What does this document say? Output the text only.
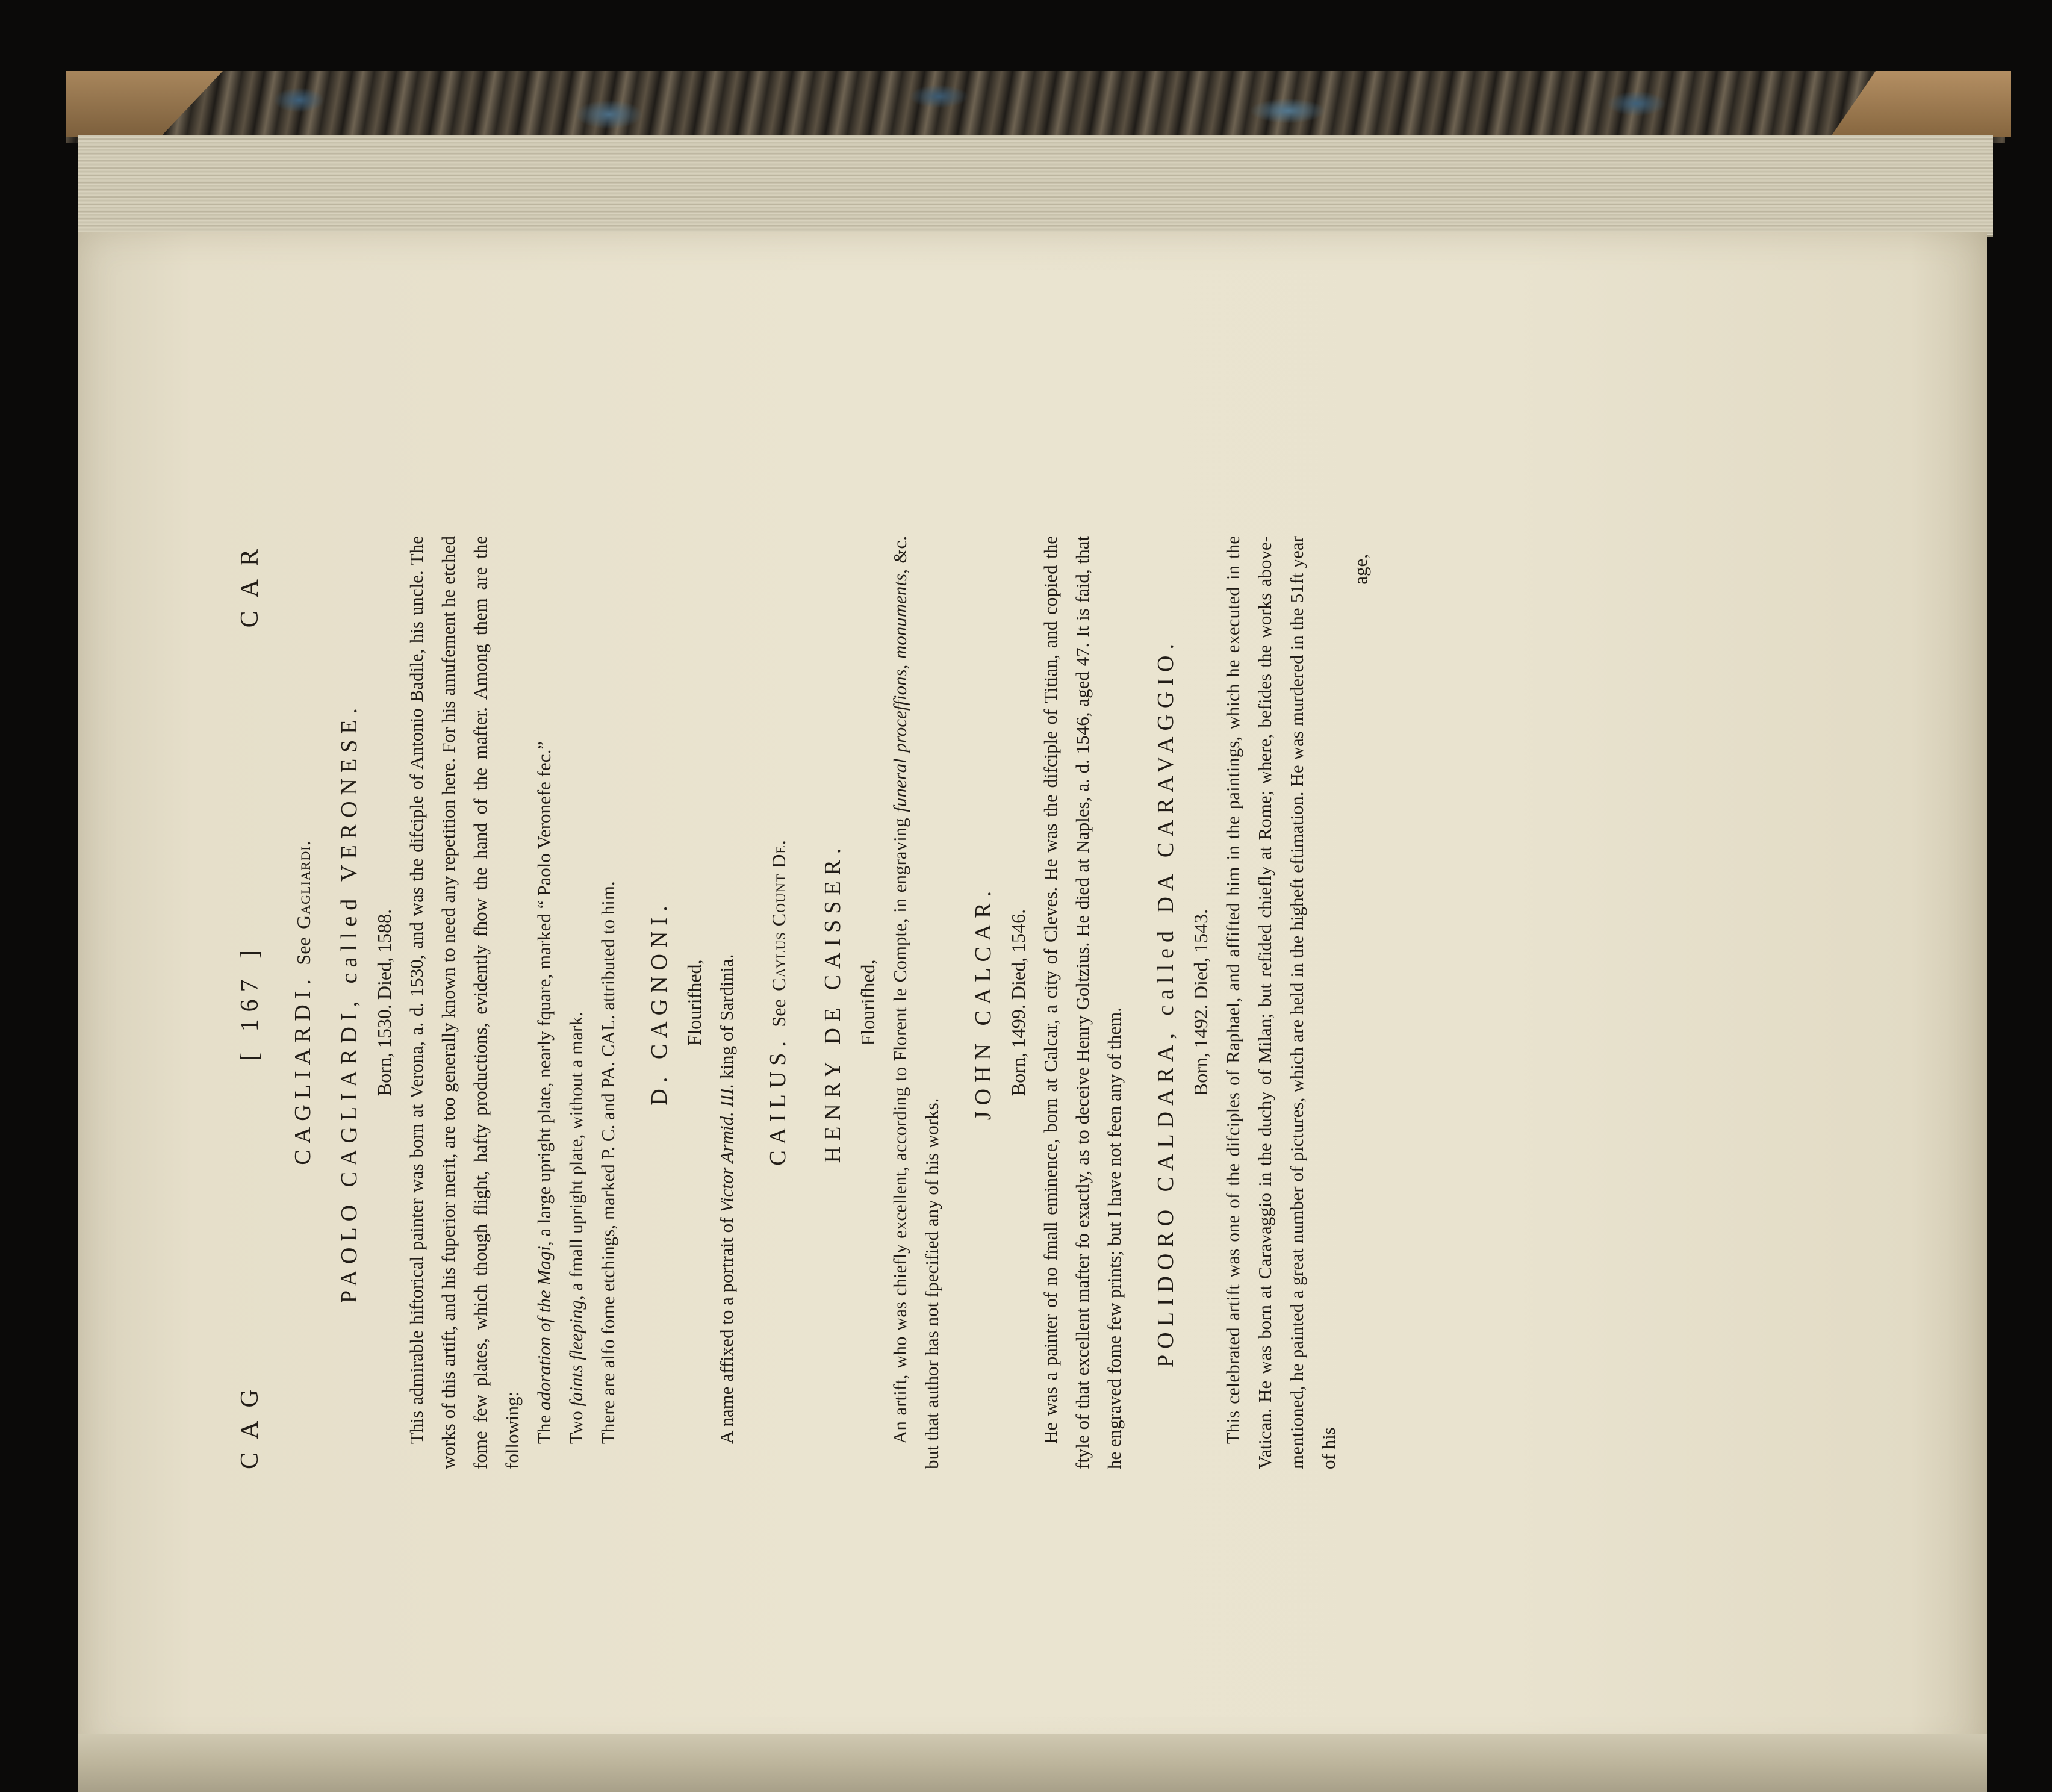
CAG
[ 167 ]
CAR
CAGLIARDI. See Gagliardi. PAOLO CAGLIARDI, called VERONESE. Born, 1530. Died, 1588. This admirable hiftorical painter was born at Verona, a. d. 1530, and was the difciple of Antonio Badile, his uncle. The works of this artift, and his fuperior merit, are too generally known to need any repetition here. For his amufement he etched fome few plates, which though flight, hafty productions, evidently fhow the hand of the mafter. Among them are the following: The adoration of the Magi, a large upright plate, nearly fquare, marked “ Paolo Veronefe fec.”

Two faints fleeping, a fmall upright plate, without a mark. There are alfo fome etchings, marked P. C. and PA. CAL. attributed to him. D. CAGNONI. Flourifhed,

A name affixed to a portrait of Victor Armid. III. king of Sardinia.

CAILUS. See Caylus Count De.	HENRY DE CAISSER. Flourifhed, An artift, who was chiefly excellent, according to Florent le Compte, in engraving funeral proceffions, monuments, &c. but that author has not fpecified any of his works.

JOHN CALCAR. Born, 1499. Died, 1546. He was a painter of no fmall eminence, born at Calcar, a city of Cleves. He was the difciple of Titian, and copied the ftyle of that excellent mafter fo exactly, as to deceive Henry Goltzius. He died at Naples, a. d. 1546, aged 47. It is faid, that he engraved fome few prints; but I have not feen any of them. POLIDORO CALDARA, called DA CARAVAGGIO. Born, 1492. Died, 1543. This celebrated artift was one of the difciples of Raphael, and affifted him in the paintings, which he executed in the Vatican. He was born at Caravaggio in the duchy of Milan; but refided chiefly at Rome; where, befides the works above-mentioned, he painted a great number of pictures, which are held in the higheft eftimation. He was murdered in the 51ft year of his

age,
